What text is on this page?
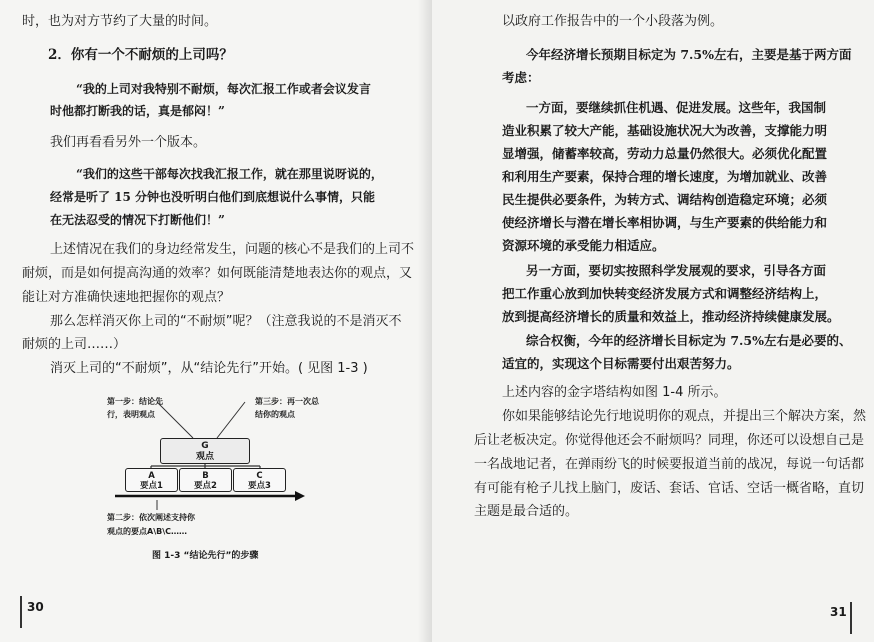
时，也为对方节约了大量的时间。
2．你有一个不耐烦的上司吗？
“我的上司对我特别不耐烦，每次汇报工作或者会议发言
时他都打断我的话，真是郁闷！”
我们再看看另外一个版本。
“我们的这些干部每次找我汇报工作，就在那里说呀说的，
经常是听了 15 分钟也没听明白他们到底想说什么事情，只能
在无法忍受的情况下打断他们！”
上述情况在我们的身边经常发生，问题的核心不是我们的上司不
耐烦，而是如何提高沟通的效率？如何既能清楚地表达你的观点，又
能让对方准确快速地把握你的观点？
那么怎样消灭你上司的“不耐烦”呢？（注意我说的不是消灭不
耐烦的上司……）
消灭上司的“不耐烦”，从“结论先行”开始。( 见图 1-3 )
第一步：结论先
行，表明观点
第三步：再一次总
结你的观点
G
观点
A
要点1
B
要点2
C
要点3
第二步：依次阐述支持你
观点的要点A\B\C……
图 1-3 “结论先行”的步骤
30
以政府工作报告中的一个小段落为例。
今年经济增长预期目标定为 7.5%左右，主要是基于两方面
考虑：
一方面，要继续抓住机遇、促进发展。这些年，我国制
造业积累了较大产能，基础设施状况大为改善，支撑能力明
显增强，储蓄率较高，劳动力总量仍然很大。必须优化配置
和利用生产要素，保持合理的增长速度，为增加就业、改善
民生提供必要条件，为转方式、调结构创造稳定环境；必须
使经济增长与潜在增长率相协调，与生产要素的供给能力和
资源环境的承受能力相适应。
另一方面，要切实按照科学发展观的要求，引导各方面
把工作重心放到加快转变经济发展方式和调整经济结构上，
放到提高经济增长的质量和效益上，推动经济持续健康发展。
综合权衡，今年的经济增长目标定为 7.5%左右是必要的、
适宜的，实现这个目标需要付出艰苦努力。
上述内容的金字塔结构如图 1-4 所示。
你如果能够结论先行地说明你的观点，并提出三个解决方案，然
后让老板决定。你觉得他还会不耐烦吗？同理，你还可以设想自己是
一名战地记者，在弹雨纷飞的时候要报道当前的战况，每说一句话都
有可能有枪子儿找上脑门，废话、套话、官话、空话一概省略，直切
主题是最合适的。
31
